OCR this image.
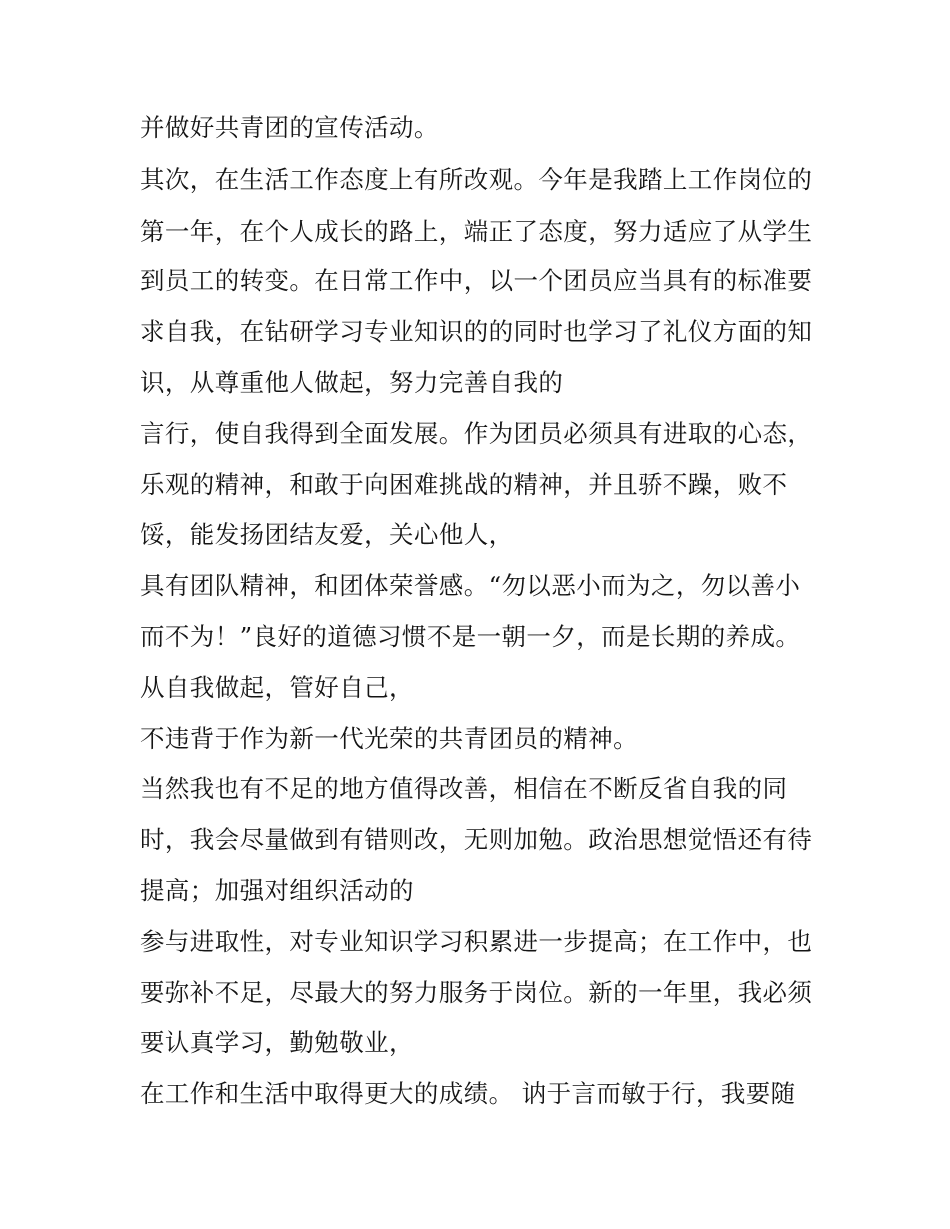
并做好共青团的宣传活动。

其次，在生活工作态度上有所改观。今年是我踏上工作岗位的

第一年，在个人成长的路上，端正了态度，努力适应了从学生

到员工的转变。在日常工作中，以一个团员应当具有的标准要

求自我，在钻研学习专业知识的的同时也学习了礼仪方面的知

识，从尊重他人做起，努力完善自我的

言行，使自我得到全面发展。作为团员必须具有进取的心态，

乐观的精神，和敢于向困难挑战的精神，并且骄不躁，败不

馁，能发扬团结友爱，关心他人，

具有团队精神，和团体荣誉感。“勿以恶小而为之，勿以善小

而不为！”良好的道德习惯不是一朝一夕，而是长期的养成。

从自我做起，管好自己，

不违背于作为新一代光荣的共青团员的精神。

当然我也有不足的地方值得改善，相信在不断反省自我的同

时，我会尽量做到有错则改，无则加勉。政治思想觉悟还有待

提高；加强对组织活动的

参与进取性，对专业知识学习积累进一步提高；在工作中，也

要弥补不足，尽最大的努力服务于岗位。新的一年里，我必须

要认真学习，勤勉敬业，

在工作和生活中取得更大的成绩。 讷于言而敏于行，我要随
